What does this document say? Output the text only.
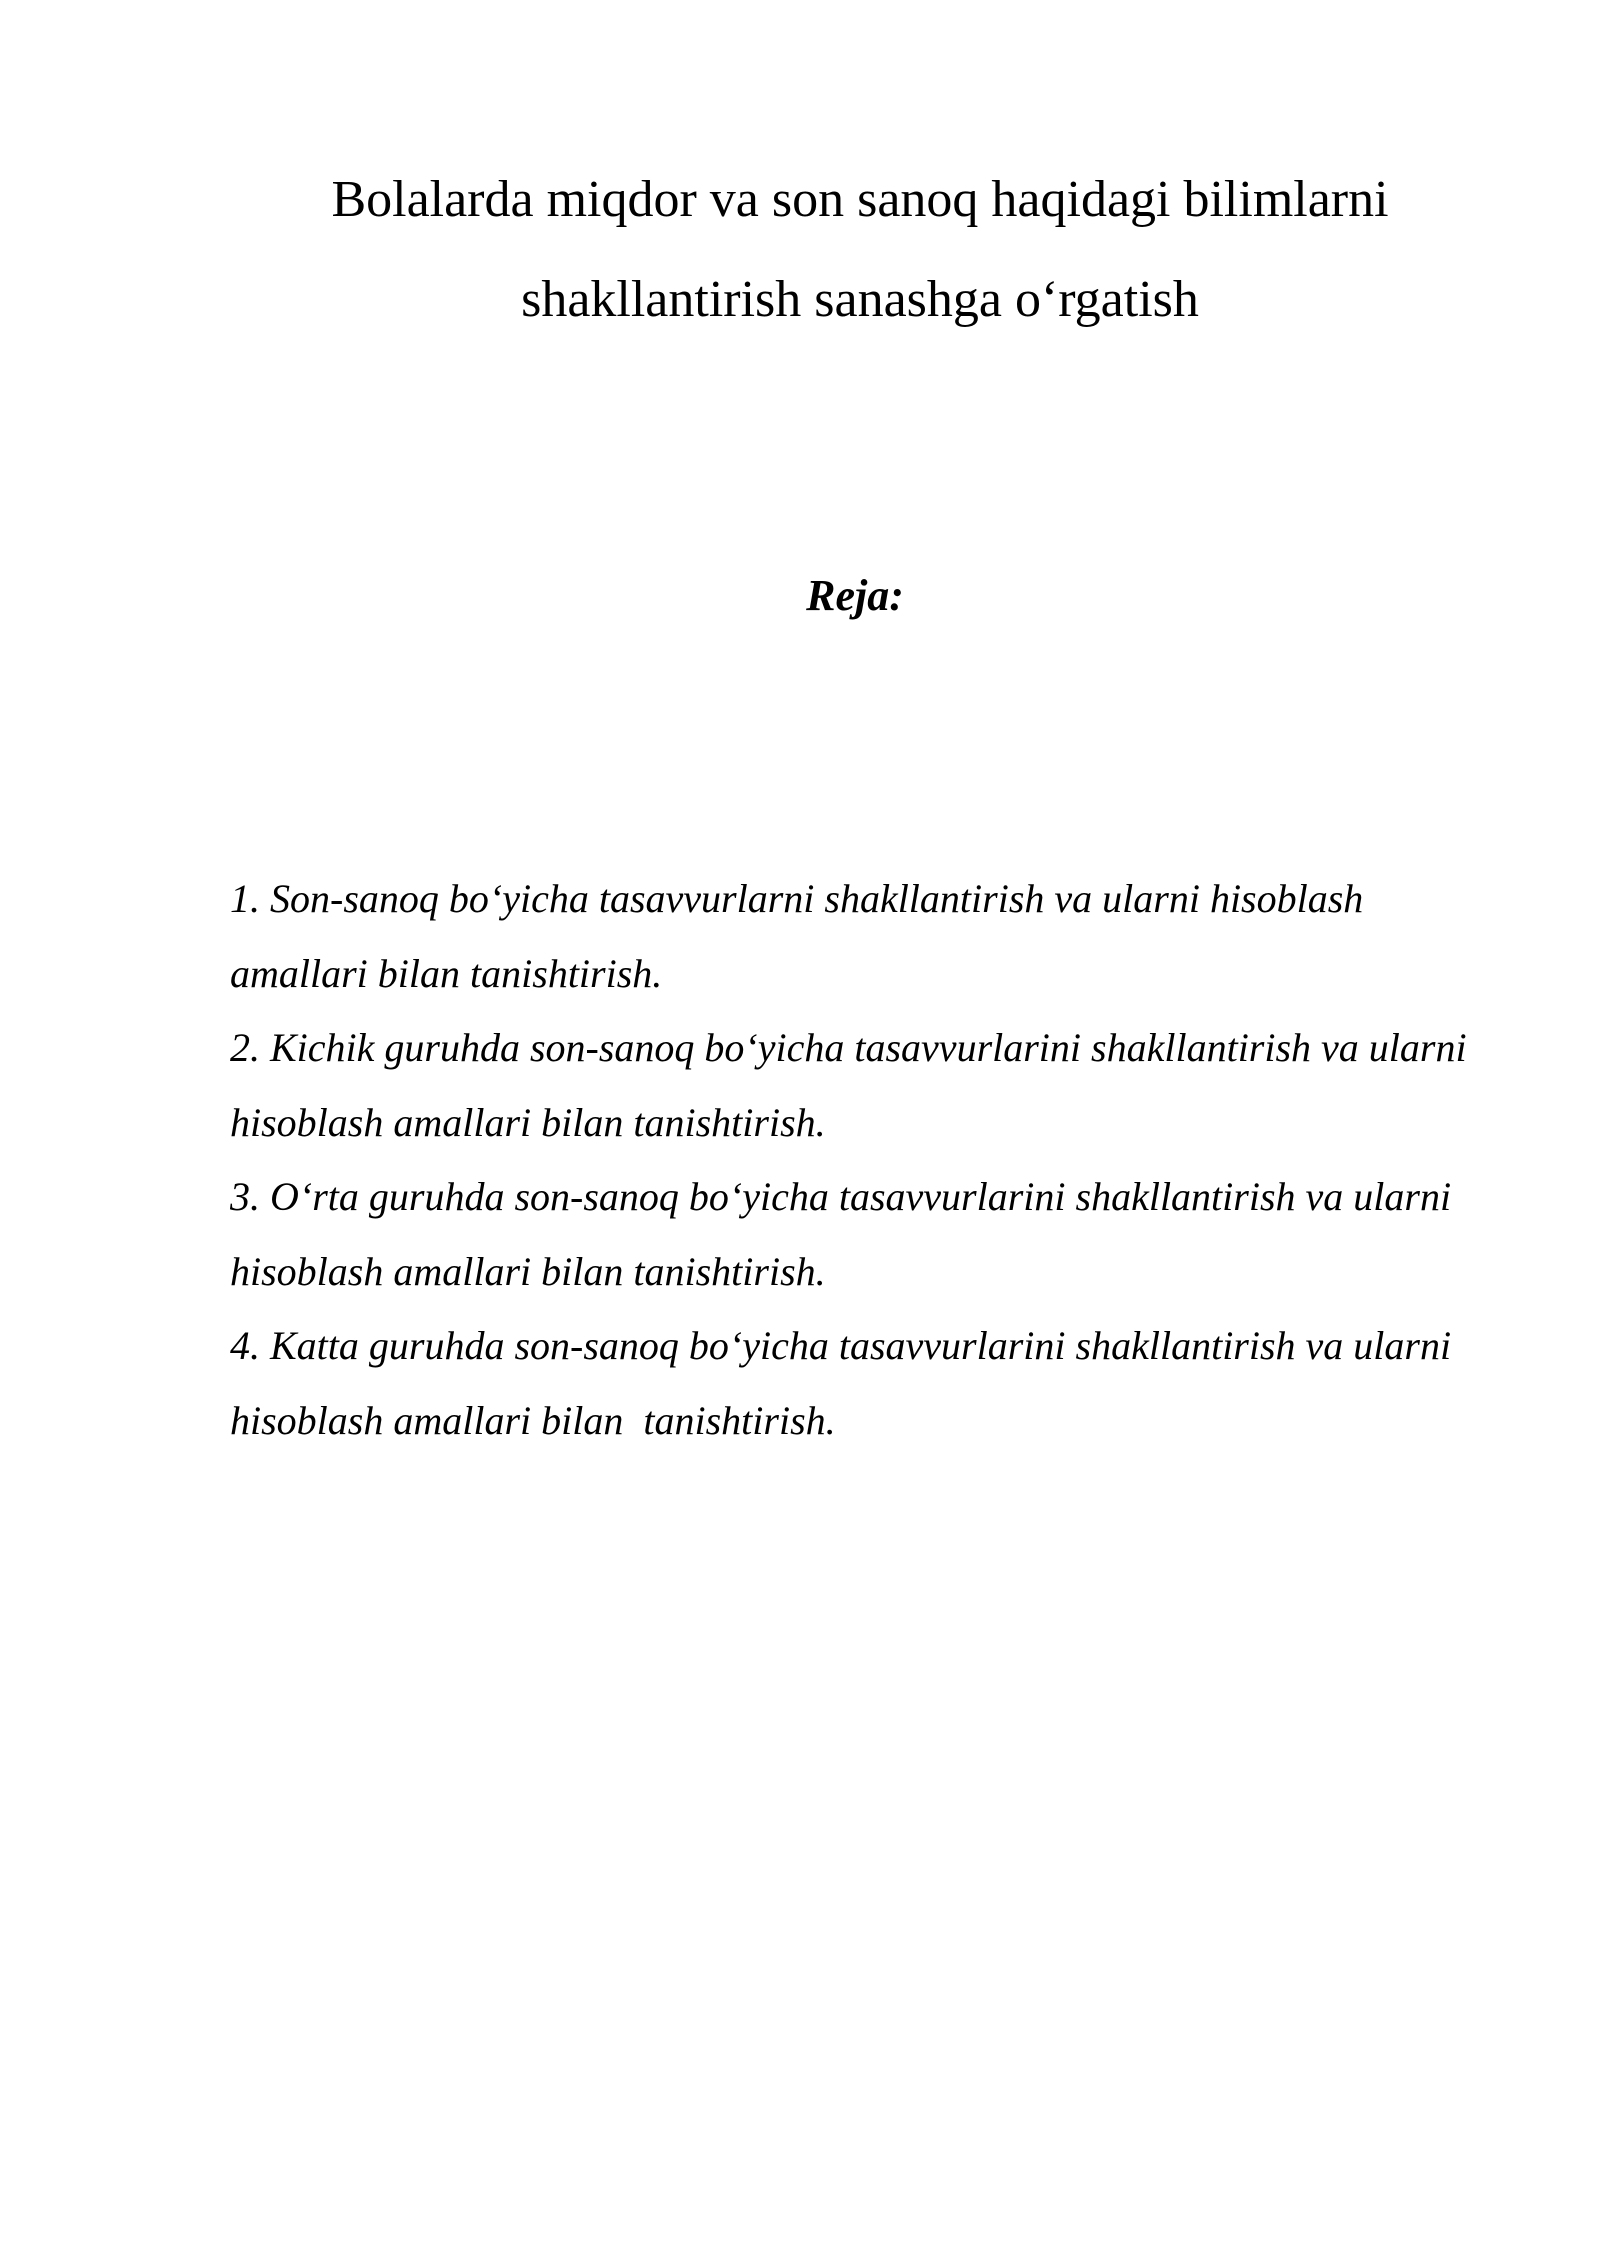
Bolalarda miqdor va son sanoq haqidagi bilimlarni
shakllantirish sanashga o‘rgatish
Reja:
1. Son-sanoq bo‘yicha tasavvurlarni shakllantirish va ularni hisoblash amallari bilan tanishtirish.
2. Kichik guruhda son-sanoq bo‘yicha tasavvurlarini shakllantirish va ularni hisoblash amallari bilan tanishtirish.
3. O‘rta guruhda son-sanoq bo‘yicha tasavvurlarini shakllantirish va ularni hisoblash amallari bilan tanishtirish.
4. Katta guruhda son-sanoq bo‘yicha tasavvurlarini shakllantirish va ularni hisoblash amallari bilan  tanishtirish.
